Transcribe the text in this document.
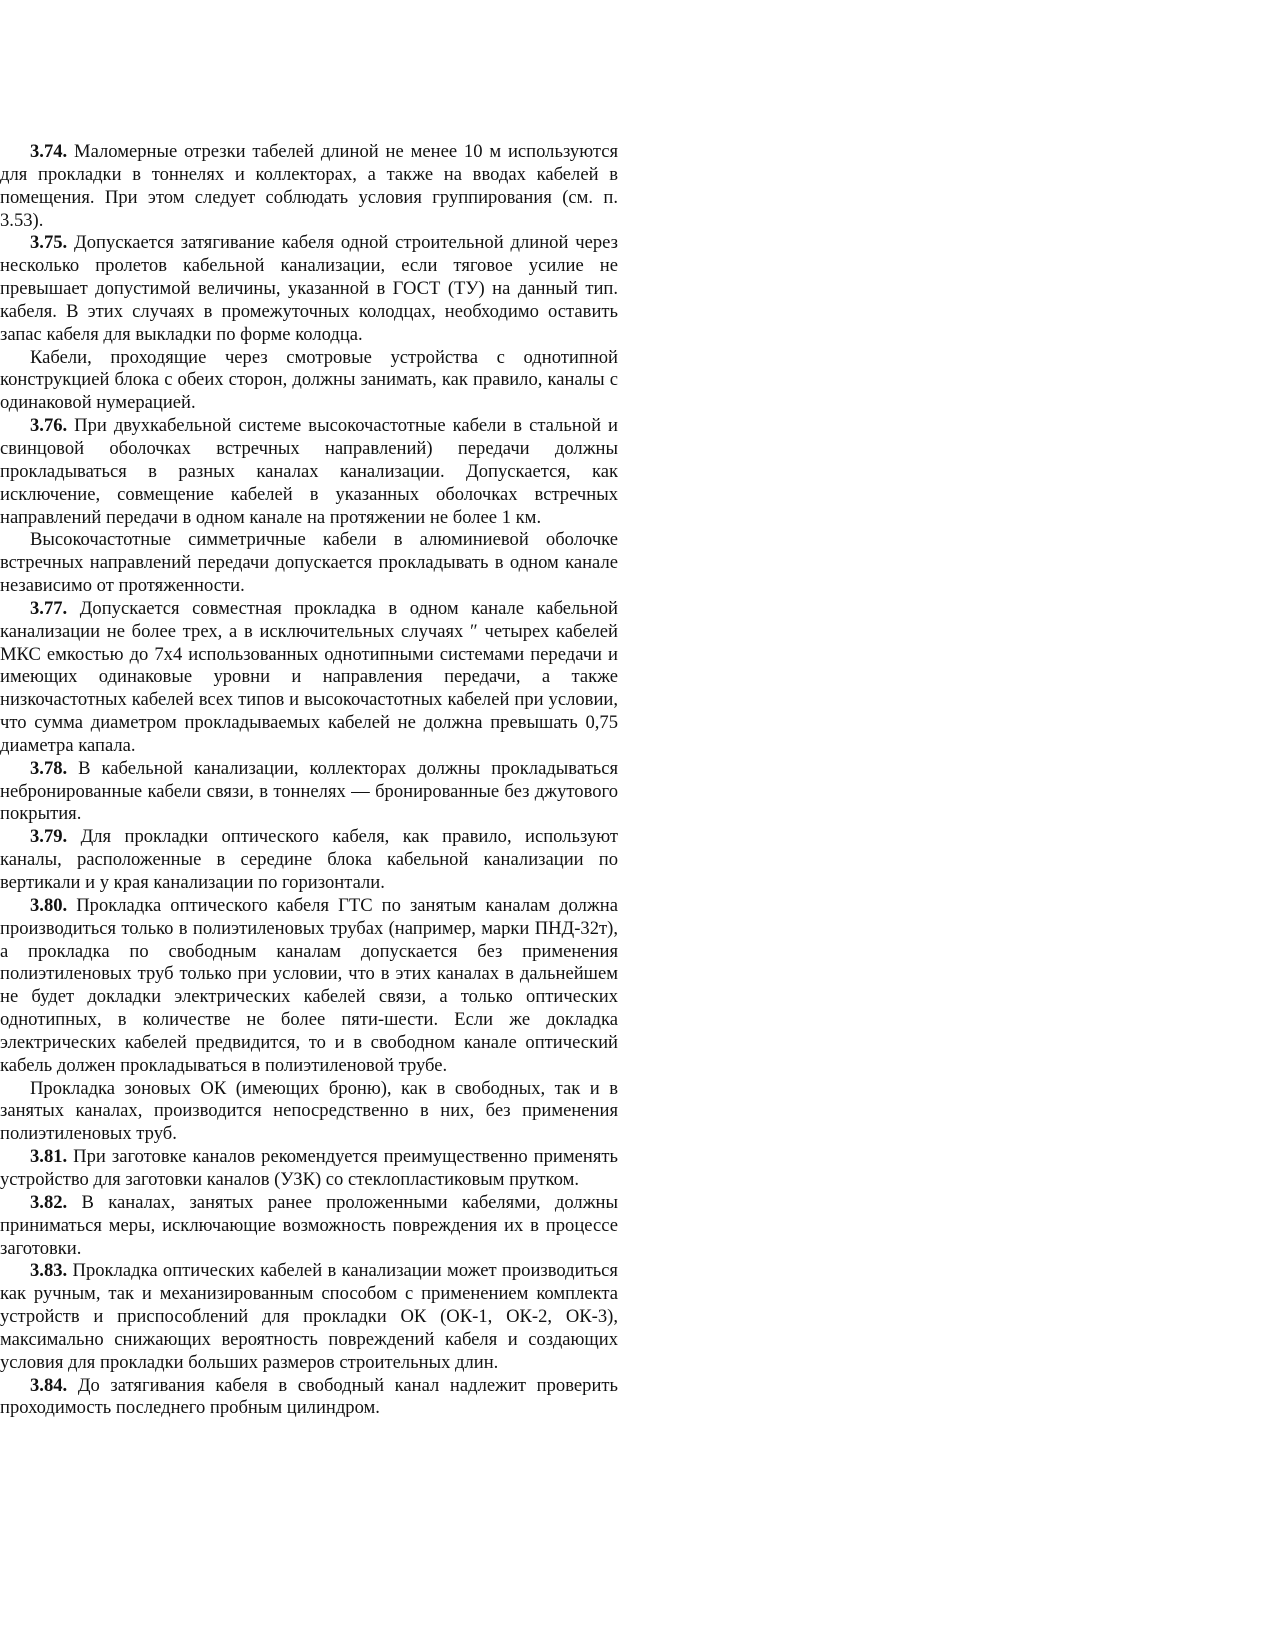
3.74. Маломерные отрезки табелей длиной не менее 10 м используются для прокладки в тоннелях и коллекторах, а также на вводах кабелей в помещения. При этом следует соблюдать условия группирования (см. п. 3.53).

3.75. Допускается затягивание кабеля одной строительной длиной через несколько пролетов кабельной канализации, если тяговое усилие не превышает допустимой величины, указанной в ГОСТ (ТУ) на данный тип. кабеля. В этих случаях в промежуточных колодцах, необходимо оставить запас кабеля для выкладки по форме колодца.

Кабели, проходящие через смотровые устройства с однотипной конструкцией блока с обеих сторон, должны занимать, как правило, каналы с одинаковой нумерацией.

3.76. При двухкабельной системе высокочастотные кабели в стальной и свинцовой оболочках встречных направлений) передачи должны прокладываться в разных каналах канализации. Допускается, как исключение, совмещение кабелей в указанных оболочках встречных направлений передачи в одном канале на протяжении не более 1 км.

Высокочастотные симметричные кабели в алюминиевой оболочке встречных направлений передачи допускается прокладывать в одном канале независимо от протяженности.

3.77. Допускается совместная прокладка в одном канале кабельной канализации не более трех, а в исключительных случаях ″ четырех кабелей МКС емкостью до 7х4 использованных однотипными системами передачи и имеющих одинаковые уровни и направления передачи, а также низкочастотных кабелей всех типов и высокочастотных кабелей при условии, что сумма диаметром прокладываемых кабелей не должна превышать 0,75 диаметра капала.

3.78. В кабельной канализации, коллекторах должны прокладываться небронированные кабели связи, в тоннелях — бронированные без джутового покрытия.

3.79. Для прокладки оптического кабеля, как правило, используют каналы, расположенные в середине блока кабельной канализации по вертикали и у края канализации по горизонтали.

3.80. Прокладка оптического кабеля ГТС по занятым каналам должна производиться только в полиэтиленовых трубах (например, марки ПНД-32т), а прокладка по свободным каналам допускается без применения полиэтиленовых труб только при условии, что в этих каналах в дальнейшем не будет докладки электрических кабелей связи, а только оптических однотипных, в количестве не более пяти-шести. Если же докладка электрических кабелей предвидится, то и в свободном канале оптический кабель должен прокладываться в полиэтиленовой трубе.

Прокладка зоновых ОК (имеющих броню), как в свободных, так и в занятых каналах, производится непосредственно в них, без применения полиэтиленовых труб.

3.81. При заготовке каналов рекомендуется преимущественно применять устройство для заготовки каналов (УЗК) со стеклопластиковым прутком.

3.82. В каналах, занятых ранее проложенными кабелями, должны приниматься меры, исключающие возможность повреждения их в процессе заготовки.

3.83. Прокладка оптических кабелей в канализации может производиться как ручным, так и механизированным способом с применением комплекта устройств и приспособлений для прокладки ОК (ОК-1, ОК-2, ОК-3), максимально снижающих вероятность повреждений кабеля и создающих условия для прокладки больших размеров строительных длин.

3.84. До затягивания кабеля в свободный канал надлежит проверить проходимость последнего пробным цилиндром.
